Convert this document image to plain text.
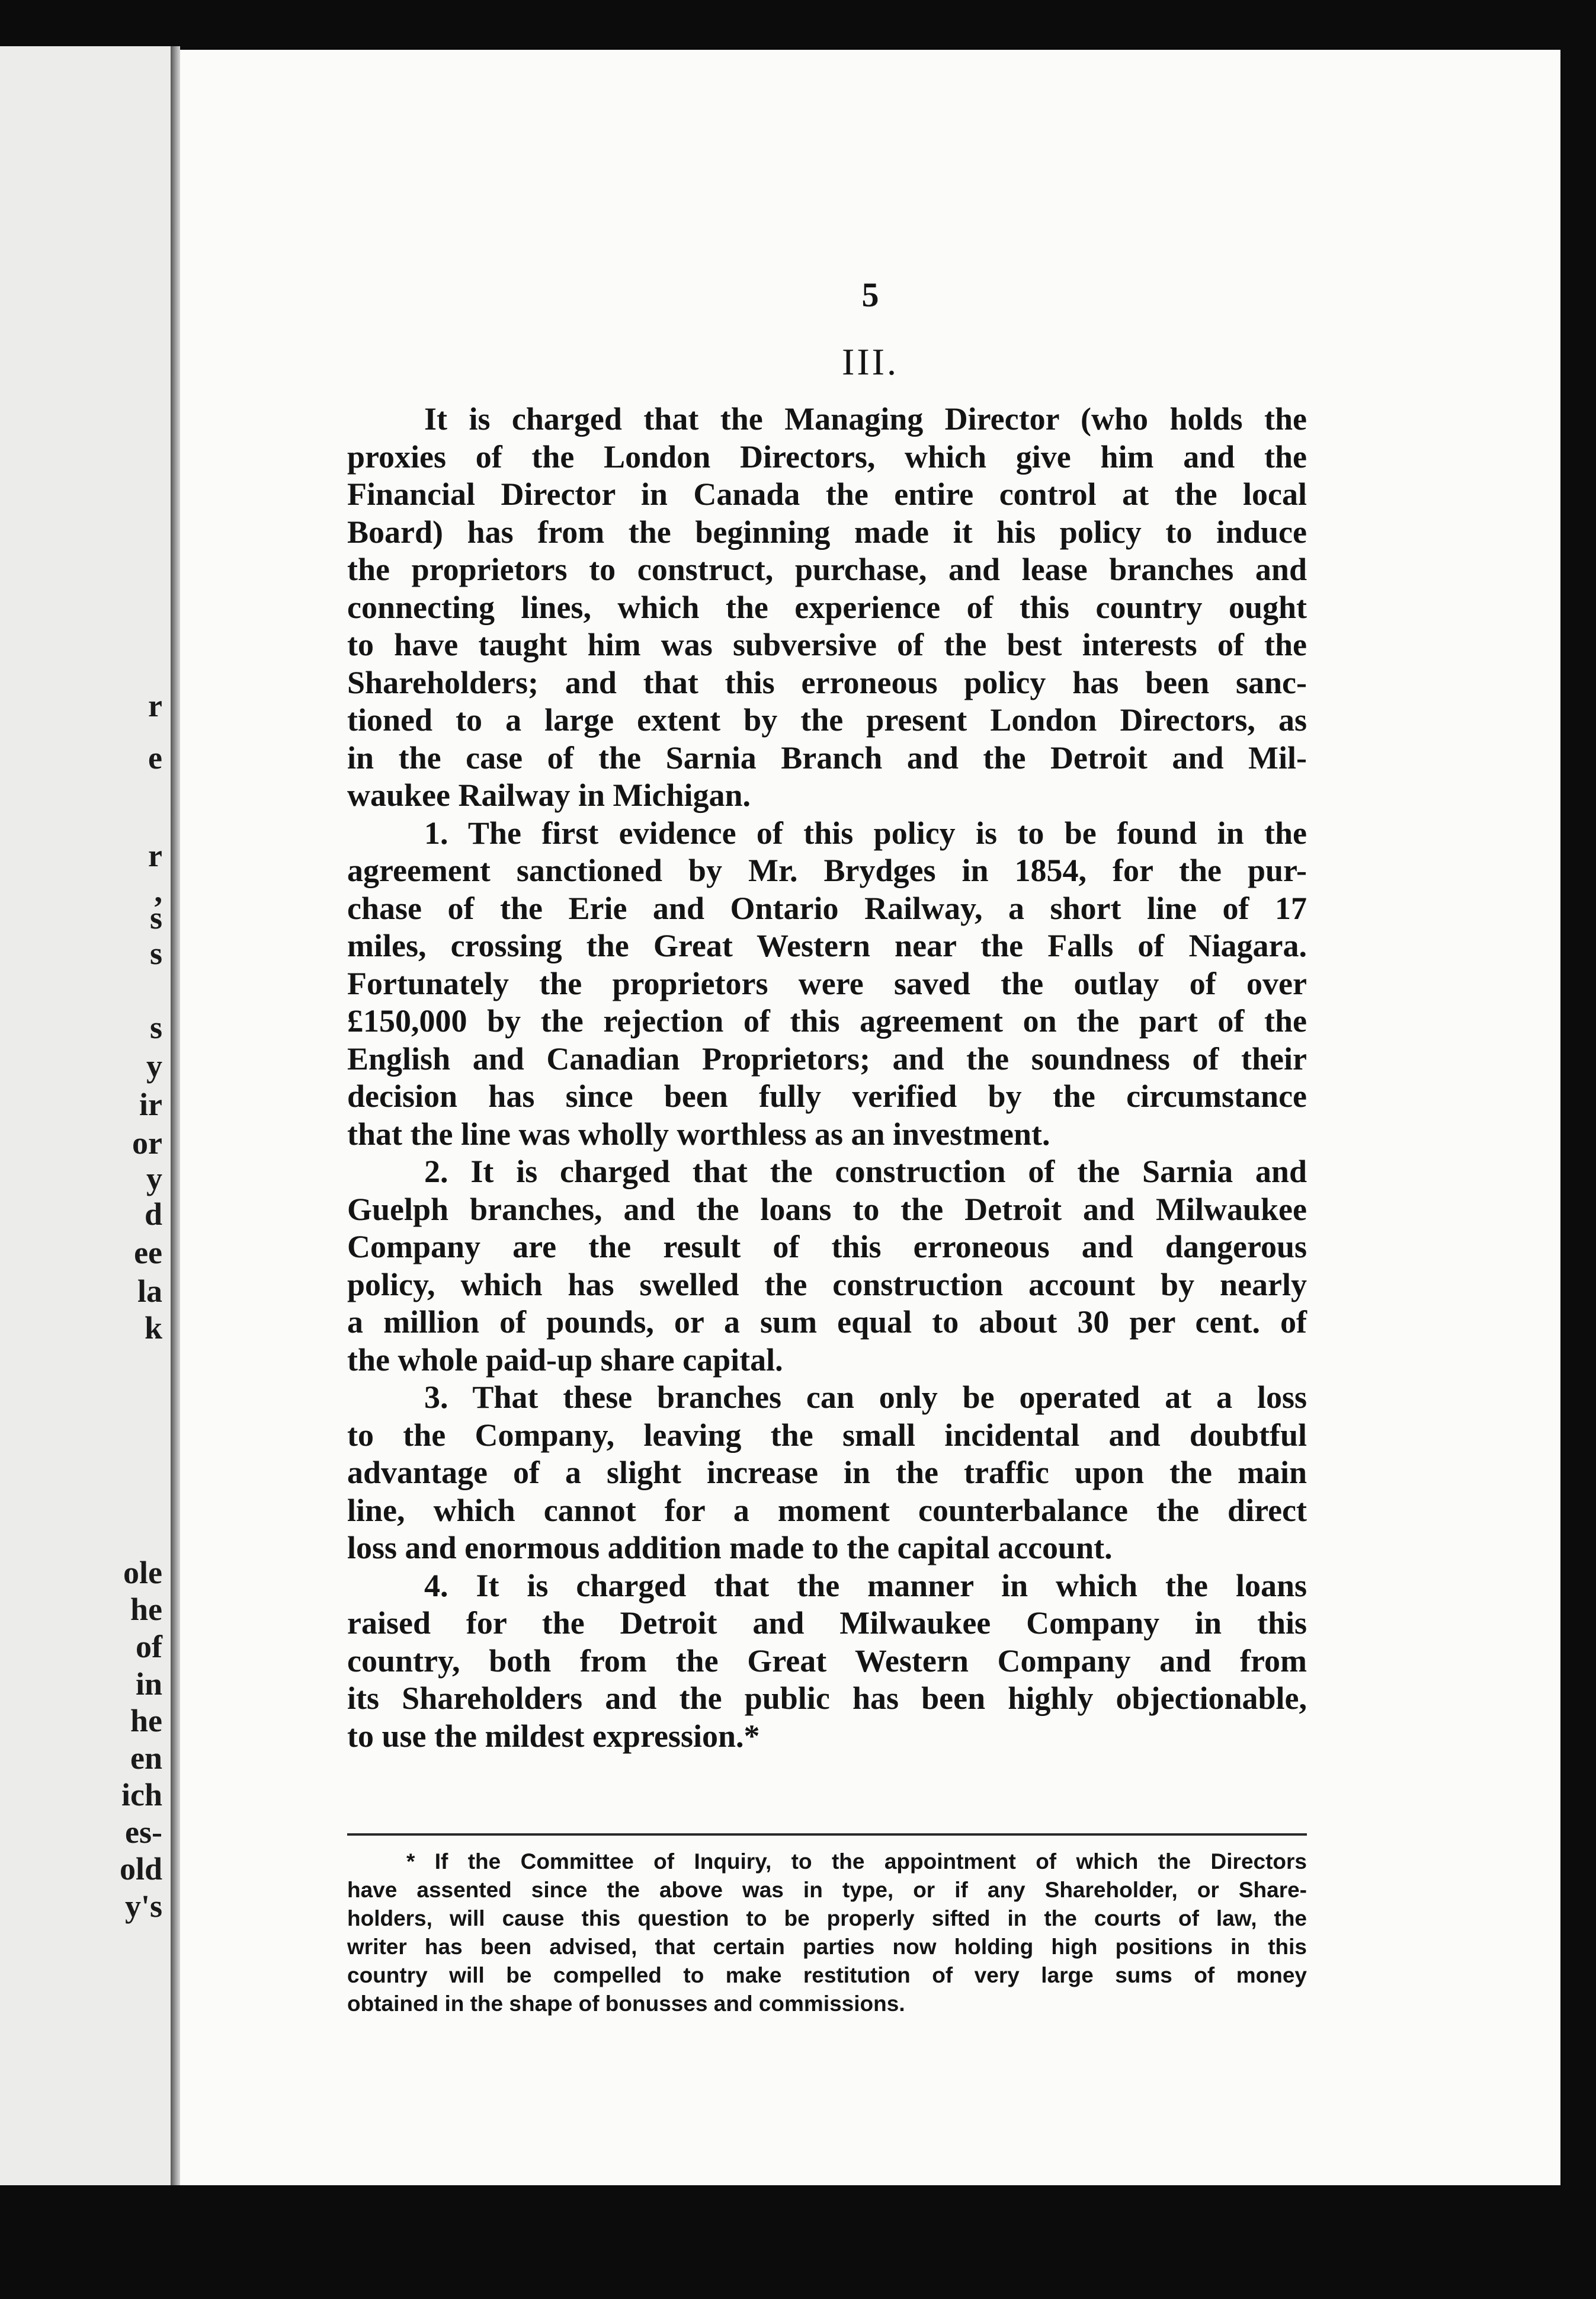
r
e
r
,
s
s
s
y
ir
or
y
d
ee
la
k
ole
he
of
in
he
en
ich
es-
old
y's
5
III.

It is charged that the Managing Director (who holds the

proxies of the London Directors, which give him and the

Financial Director in Canada the entire control at the local

Board) has from the beginning made it his policy to induce

the proprietors to construct, purchase, and lease branches and

connecting lines, which the experience of this country ought

to have taught him was subversive of the best interests of the

Shareholders; and that this erroneous policy has been sanc-

tioned to a large extent by the present London Directors, as

in the case of the Sarnia Branch and the Detroit and Mil-

waukee Railway in Michigan.

1. The first evidence of this policy is to be found in the

agreement sanctioned by Mr. Brydges in 1854, for the pur-

chase of the Erie and Ontario Railway, a short line of 17

miles, crossing the Great Western near the Falls of Niagara.

Fortunately the proprietors were saved the outlay of over

£150,000 by the rejection of this agreement on the part of the

English and Canadian Proprietors; and the soundness of their

decision has since been fully verified by the circumstance

that the line was wholly worthless as an investment.

2. It is charged that the construction of the Sarnia and

Guelph branches, and the loans to the Detroit and Milwaukee

Company are the result of this erroneous and dangerous

policy, which has swelled the construction account by nearly

a million of pounds, or a sum equal to about 30 per cent. of

the whole paid-up share capital.

3. That these branches can only be operated at a loss

to the Company, leaving the small incidental and doubtful

advantage of a slight increase in the traffic upon the main

line, which cannot for a moment counterbalance the direct

loss and enormous addition made to the capital account.

4. It is charged that the manner in which the loans

raised for the Detroit and Milwaukee Company in this

country, both from the Great Western Company and from

its Shareholders and the public has been highly objectionable,

to use the mildest expression.*

* If the Committee of Inquiry, to the appointment of which the Directors

have assented since the above was in type, or if any Shareholder, or Share-

holders, will cause this question to be properly sifted in the courts of law, the

writer has been advised, that certain parties now holding high positions in this

country will be compelled to make restitution of very large sums of money

obtained in the shape of bonusses and commissions.
